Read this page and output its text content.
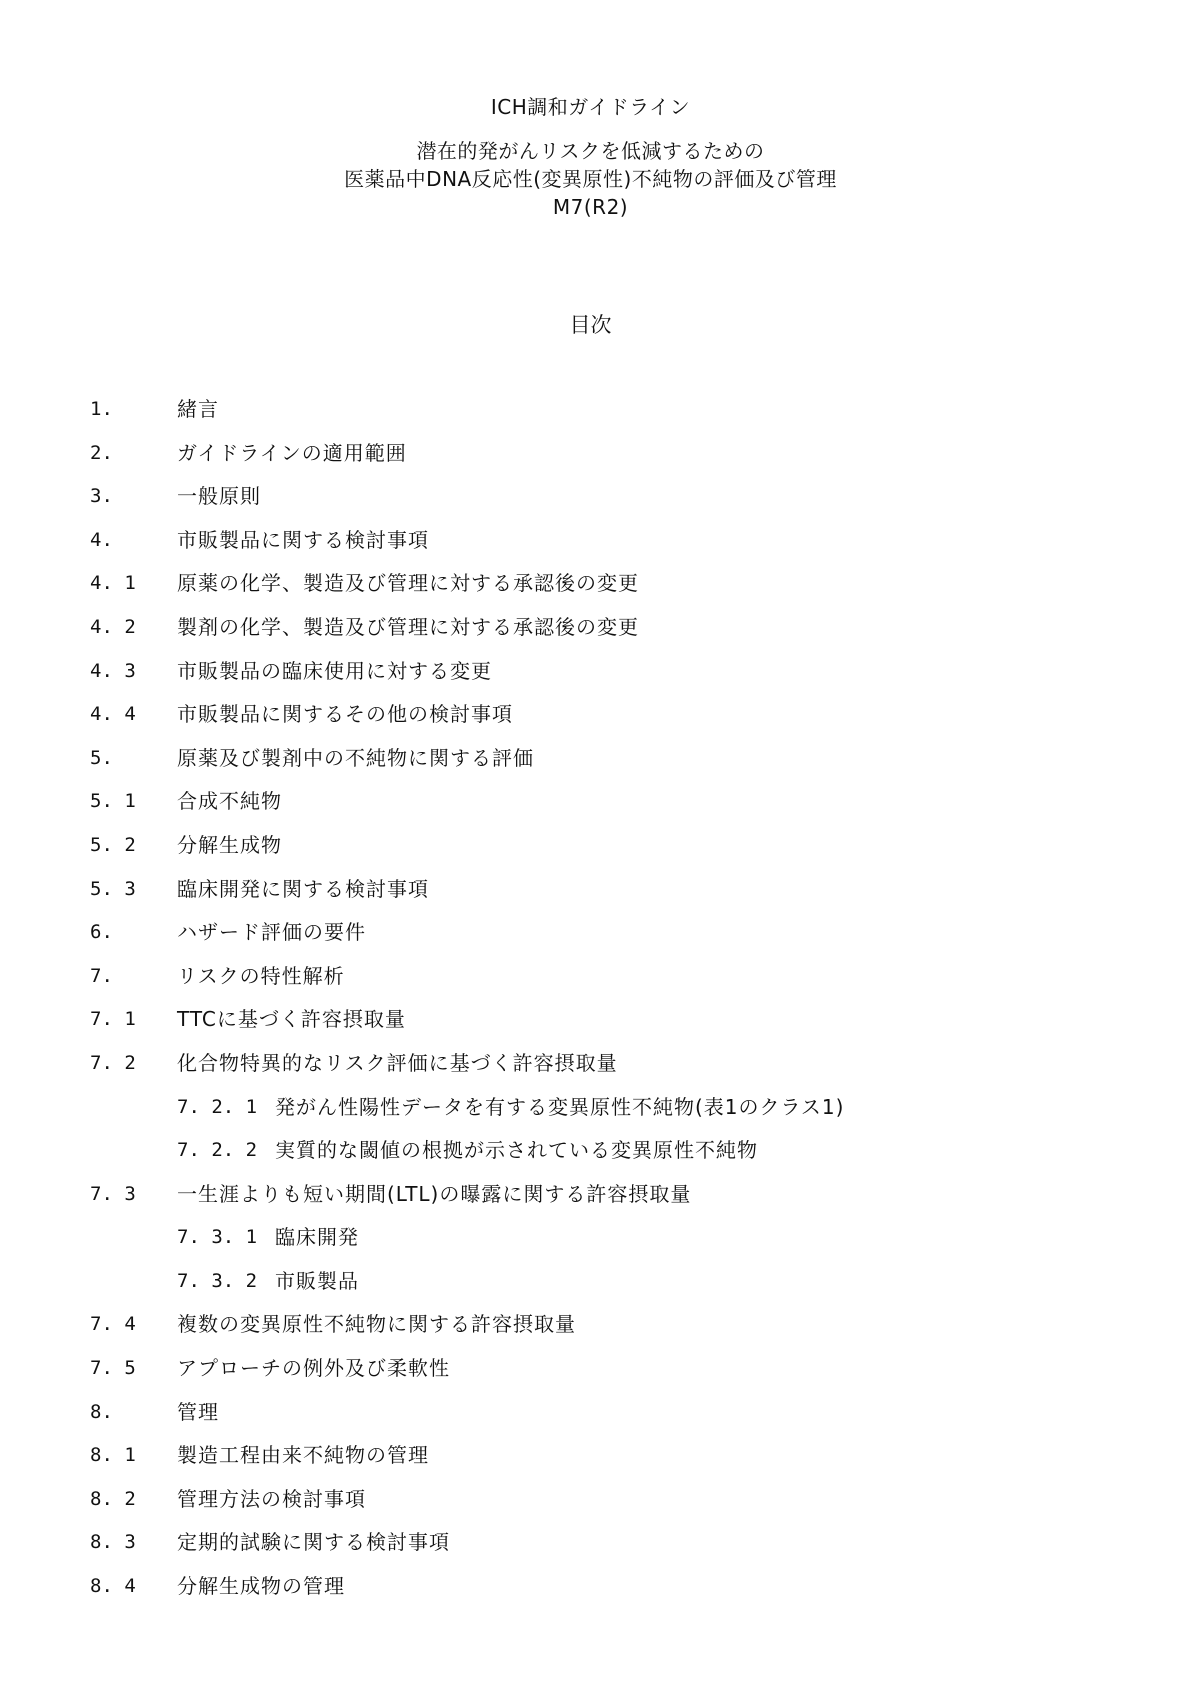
ICH調和ガイドライン
潜在的発がんリスクを低減するための
医薬品中DNA反応性(変異原性)不純物の評価及び管理
M7(R2)
目次
1.	緒言
2.	ガイドラインの適用範囲
3.	一般原則
4.	市販製品に関する検討事項
4. 1 原薬の化学、製造及び管理に対する承認後の変更
4. 2 製剤の化学、製造及び管理に対する承認後の変更
4. 3 市販製品の臨床使用に対する変更
4. 4 市販製品に関するその他の検討事項
5.	原薬及び製剤中の不純物に関する評価
5. 1 合成不純物
5. 2 分解生成物
5. 3 臨床開発に関する検討事項
6.	ハザード評価の要件
7.	リスクの特性解析
7. 1 TTCに基づく許容摂取量
7. 2 化合物特異的なリスク評価に基づく許容摂取量
7. 2. 1 発がん性陽性データを有する変異原性不純物(表1のクラス1)
7. 2. 2 実質的な閾値の根拠が示されている変異原性不純物
7. 3 一生涯よりも短い期間(LTL)の曝露に関する許容摂取量
7. 3. 1 臨床開発
7. 3. 2 市販製品
7. 4 複数の変異原性不純物に関する許容摂取量
7. 5 アプローチの例外及び柔軟性
8.	管理
8. 1 製造工程由来不純物の管理
8. 2 管理方法の検討事項
8. 3 定期的試験に関する検討事項
8. 4 分解生成物の管理
